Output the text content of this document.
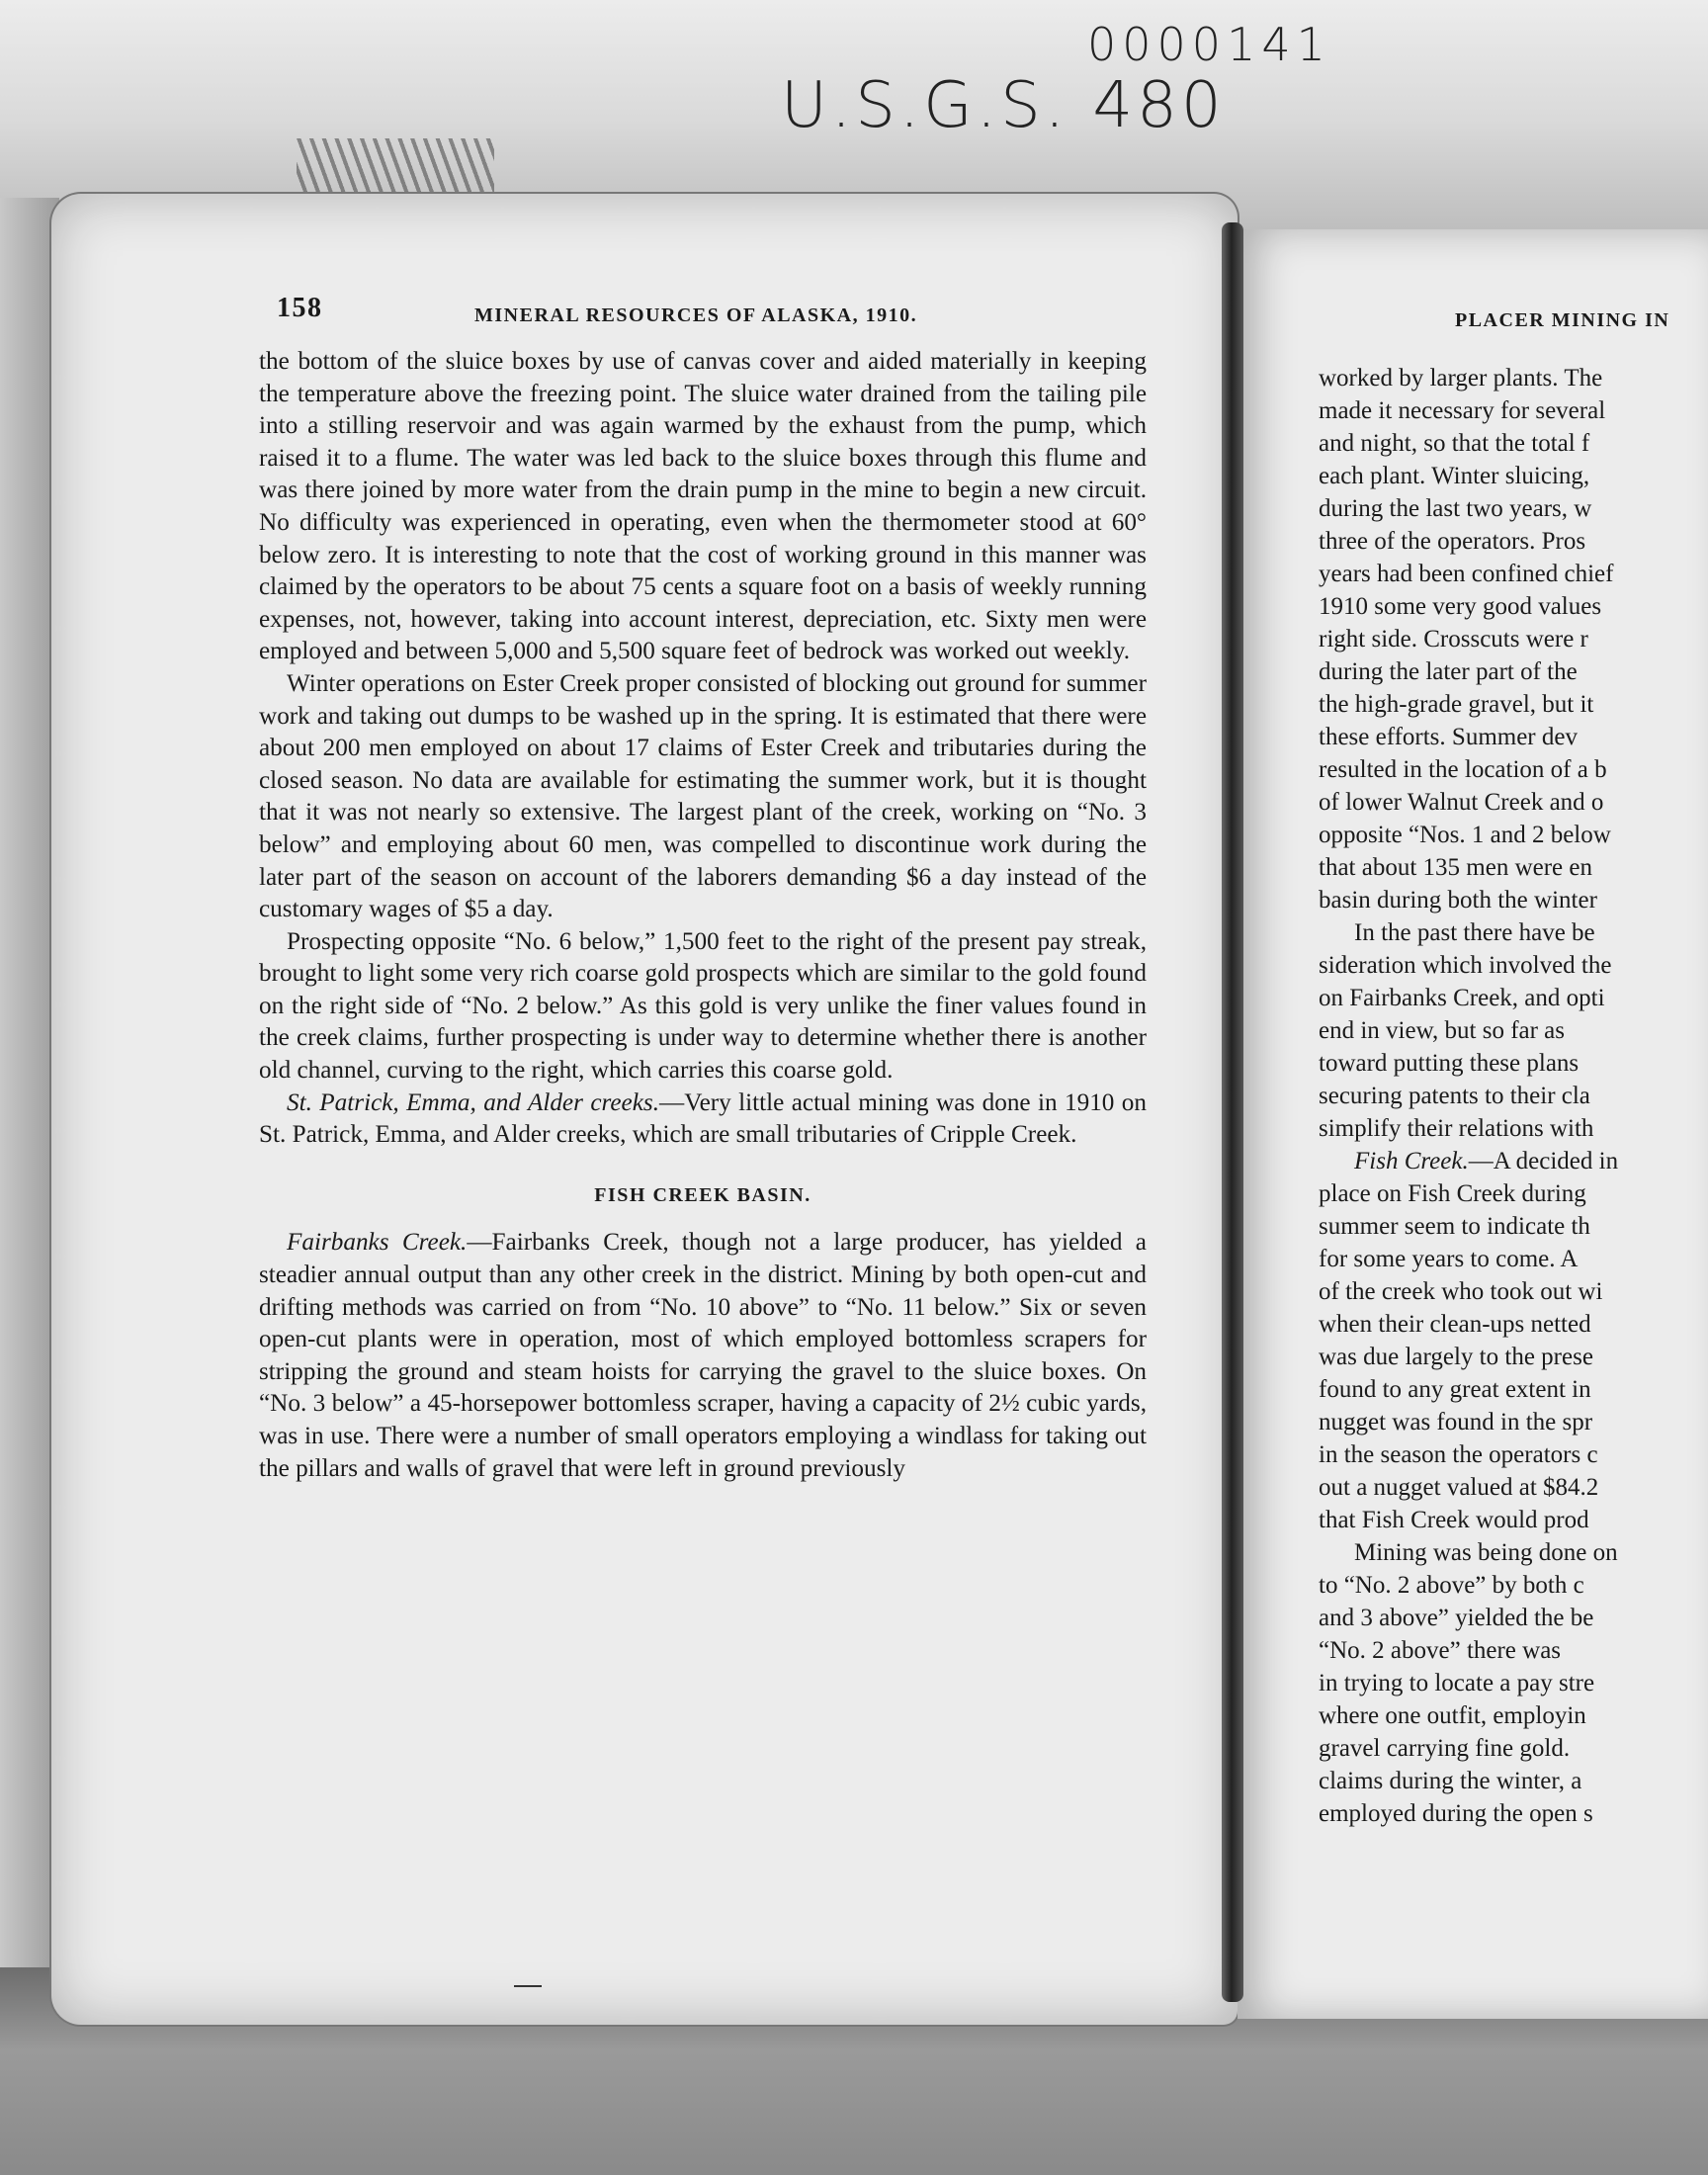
0000141
U.S.G.S. 480
158	MINERAL RESOURCES OF ALASKA, 1910.

the bottom of the sluice boxes by use of canvas cover and aided materially in keeping the temperature above the freezing point. The sluice water drained from the tailing pile into a stilling reservoir and was again warmed by the exhaust from the pump, which raised it to a flume. The water was led back to the sluice boxes through this flume and was there joined by more water from the drain pump in the mine to begin a new circuit. No difficulty was experienced in operating, even when the thermometer stood at 60° below zero. It is interesting to note that the cost of working ground in this manner was claimed by the operators to be about 75 cents a square foot on a basis of weekly running expenses, not, however, taking into account interest, depreciation, etc. Sixty men were employed and between 5,000 and 5,500 square feet of bedrock was worked out weekly.

Winter operations on Ester Creek proper consisted of blocking out ground for summer work and taking out dumps to be washed up in the spring. It is estimated that there were about 200 men employed on about 17 claims of Ester Creek and tributaries during the closed season. No data are available for estimating the summer work, but it is thought that it was not nearly so extensive. The largest plant of the creek, working on “No. 3 below” and employing about 60 men, was compelled to discontinue work during the later part of the season on account of the laborers demanding $6 a day instead of the customary wages of $5 a day.

Prospecting opposite “No. 6 below,” 1,500 feet to the right of the present pay streak, brought to light some very rich coarse gold prospects which are similar to the gold found on the right side of “No. 2 below.” As this gold is very unlike the finer values found in the creek claims, further prospecting is under way to determine whether there is another old channel, curving to the right, which carries this coarse gold.

St. Patrick, Emma, and Alder creeks.—Very little actual mining was done in 1910 on St. Patrick, Emma, and Alder creeks, which are small tributaries of Cripple Creek.

FISH CREEK BASIN.

Fairbanks Creek.—Fairbanks Creek, though not a large producer, has yielded a steadier annual output than any other creek in the district. Mining by both open-cut and drifting methods was carried on from “No. 10 above” to “No. 11 below.” Six or seven open-cut plants were in operation, most of which employed bottomless scrapers for stripping the ground and steam hoists for carrying the gravel to the sluice boxes. On “No. 3 below” a 45-horsepower bottomless scraper, having a capacity of 2½ cubic yards, was in use. There were a number of small operators employing a windlass for taking out the pillars and walls of gravel that were left in ground previously

PLACER MINING IN
worked by larger plants. The
made it necessary for several
and night, so that the total f
each plant. Winter sluicing,
during the last two years, w
three of the operators. Pros
years had been confined chief
1910 some very good values
right side. Crosscuts were r
during the later part of the
the high-grade gravel, but it
these efforts. Summer dev
resulted in the location of a b
of lower Walnut Creek and o
opposite “Nos. 1 and 2 below
that about 135 men were en
basin during both the winter
In the past there have be
sideration which involved the
on Fairbanks Creek, and opti
end in view, but so far as
toward putting these plans
securing patents to their cla
simplify their relations with
Fish Creek.—A decided in
place on Fish Creek during
summer seem to indicate th
for some years to come. A
of the creek who took out wi
when their clean-ups netted
was due largely to the prese
found to any great extent in
nugget was found in the spr
in the season the operators c
out a nugget valued at $84.2
that Fish Creek would prod
Mining was being done on
to “No. 2 above” by both c
and 3 above” yielded the be
“No. 2 above” there was
in trying to locate a pay stre
where one outfit, employin
gravel carrying fine gold.
claims during the winter, a
employed during the open s
